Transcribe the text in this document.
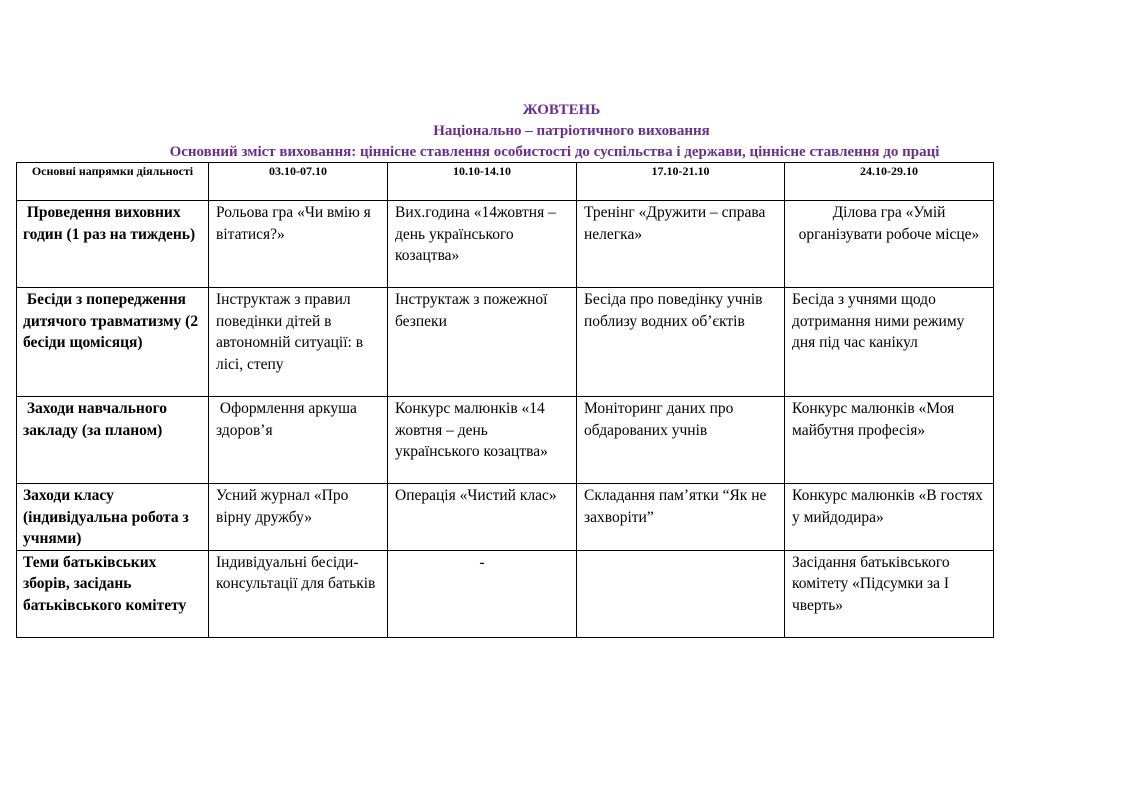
ЖОВТЕНЬ
Національно – патріотичного виховання
Основний зміст виховання: ціннісне ставлення особистості до суспільства і держави, ціннісне ставлення до праці
Основні напрямки діяльності	03.10-07.10	10.10-14.10	17.10-21.10	24.10-29.10

Проведення виховних годин (1 раз на тиждень)	Рольова гра «Чи вмію я вітатися?»	Вих.година «14жовтня – день українського козацтва»	Тренінг «Дружити – справа нелегка»	Ділова гра «Умій організувати робоче місце»

Бесіди з попередження дитячого травматизму (2 бесіди щомісяця)	Інструктаж з правил поведінки дітей в автономній ситуації: в лісі, степу	Інструктаж з пожежної безпеки	Бесіда про поведінку учнів поблизу водних об’єктів	Бесіда з учнями щодо дотримання ними режиму дня під час канікул

Заходи навчального закладу (за планом)	Оформлення аркуша здоров’я	Конкурс малюнків «14 жовтня – день українського козацтва»	Моніторинг даних про обдарованих учнів	Конкурс малюнків «Моя майбутня професія»

Заходи класу (індивідуальна робота з учнями)	Усний журнал «Про вірну дружбу»	Операція «Чистий клас»	Складання пам’ятки “Як не захворіти”	Конкурс малюнків «В гостях у мийдодира»

Теми батьківських зборів, засідань батьківського комітету	Індивідуальні бесіди-консультації для батьків	-		Засідання батьківського комітету «Підсумки за І чверть»
